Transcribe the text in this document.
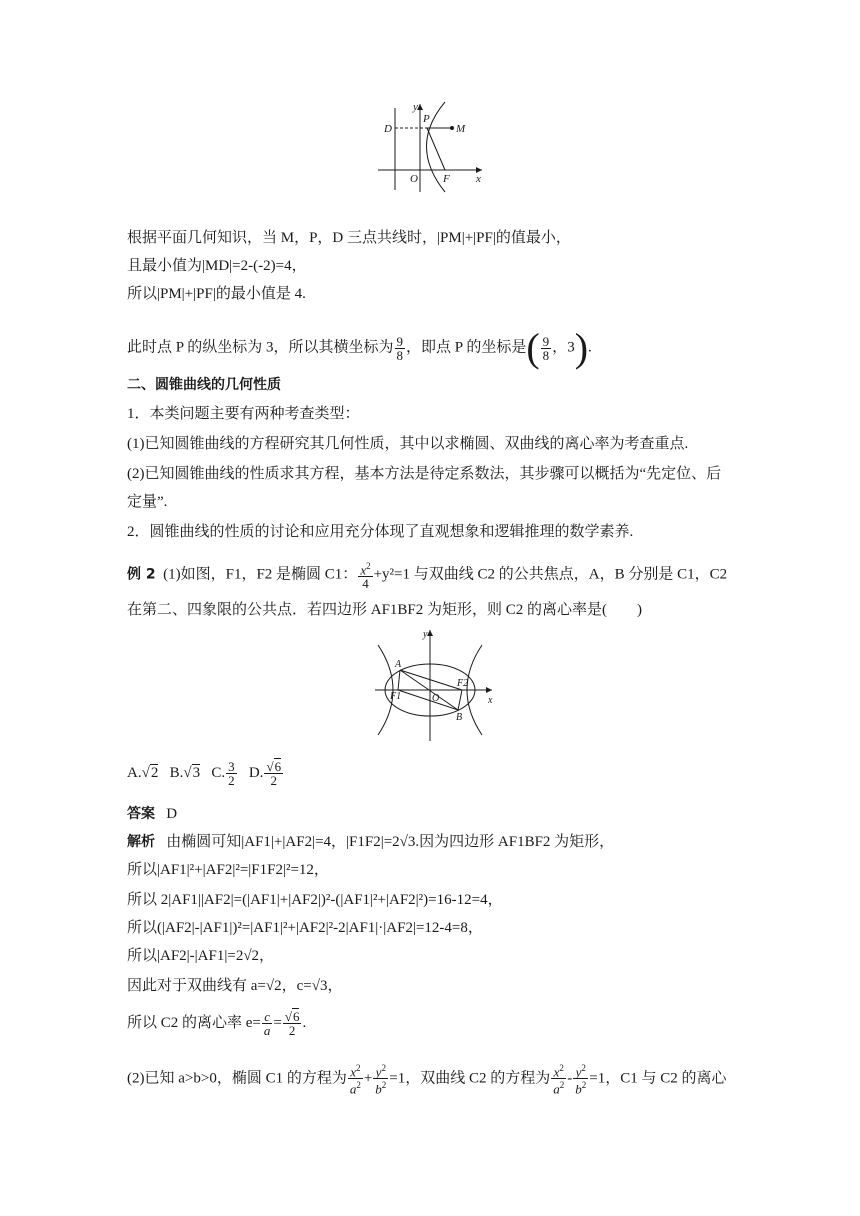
y
x
P
D	M
O F
根据平面几何知识，当 M，P，D 三点共线时，|PM|+|PF|的值最小，
且最小值为|MD|=2-(-2)=4，
所以|PM|+|PF|的最小值是 4.
此时点 P 的纵坐标为 3，所以其横坐标为 $\frac{9}{8}$ ，即点 P 的坐标是( $\frac{9}{8}$ ，3).
二、圆锥曲线的几何性质
1．本类问题主要有两种考查类型：
(1)已知圆锥曲线的方程研究其几何性质，其中以求椭圆、双曲线的离心率为考查重点.
(2)已知圆锥曲线的性质求其方程，基本方法是待定系数法，其步骤可以概括为“先定位、后
定量”.
2．圆锥曲线的性质的讨论和应用充分体现了直观想象和逻辑推理的数学素养.
例 2 (1)如图，F1，F2 是椭圆 C1： $\frac{x^2}{4} +y^2=1$ 与双曲线 C2 的公共焦点，A，B 分别是 C1，C2
在第二、四象限的公共点．若四边形 AF1BF2 为矩形，则 C2 的离心率是(　　)
y
x
A
B
F1
F2
O
A.√2 B.√3 C. $\frac{3}{2} D$. $\frac{√6}{2}$
答案 D
解析 由椭圆可知|AF1|+|AF2|=4，|F1F2|=2√3.因为四边形 AF1BF2 为矩形，
所以|AF1|²+|AF2|²=|F1F2|²=12，
所以 2|AF1||AF2|=(|AF1|+|AF2|)²-(|AF1|²+|AF2|²)=16-12=4，
所以(|AF2|-|AF1|)²=|AF1|²+|AF2|²-2|AF1|·|AF2|=12-4=8，
所以|AF2|-|AF1|=2√2，
因此对于双曲线有 a=√2，c=√3，
所以 C2 的离心率 $e= \frac{c}{a} = \frac{√6}{2}$ .
(2)已知 a>b>0，椭圆 C1 的方程为 $\frac{x^2}{a^2} + \frac{y^2}{b^2} =1$，双曲线 C2 的方程为 $\frac{x^2}{a^2} - \frac{y^2}{b^2} =1$，C1 与 C2 的离心
